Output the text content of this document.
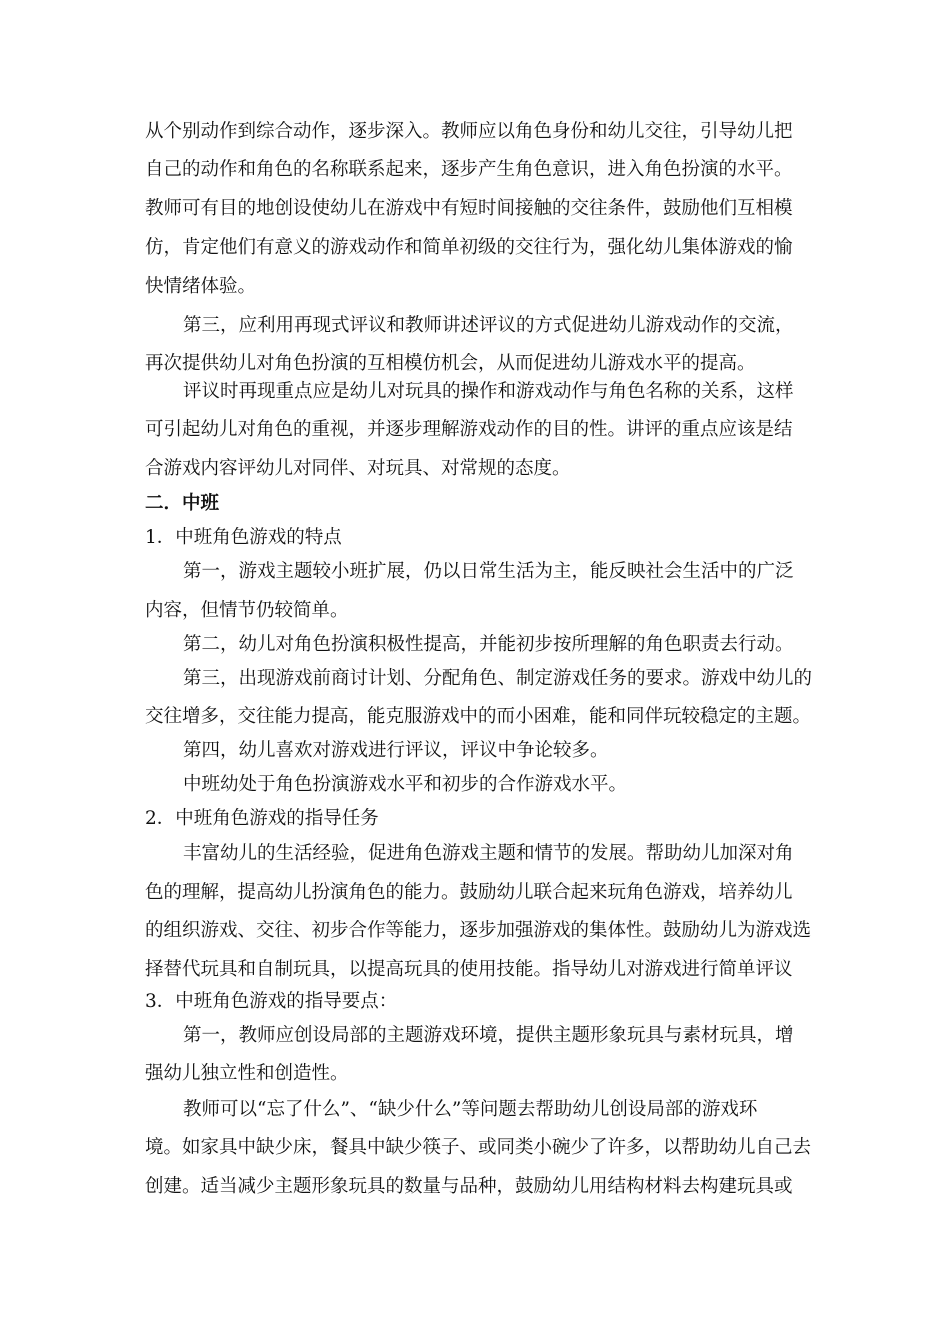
从个别动作到综合动作，逐步深入。教师应以角色身份和幼儿交往，引导幼儿把
自己的动作和角色的名称联系起来，逐步产生角色意识，进入角色扮演的水平。
教师可有目的地创设使幼儿在游戏中有短时间接触的交往条件，鼓励他们互相模
仿，肯定他们有意义的游戏动作和简单初级的交往行为，强化幼儿集体游戏的愉
快情绪体验。
第三，应利用再现式评议和教师讲述评议的方式促进幼儿游戏动作的交流，
再次提供幼儿对角色扮演的互相模仿机会，从而促进幼儿游戏水平的提高。
评议时再现重点应是幼儿对玩具的操作和游戏动作与角色名称的关系，这样
可引起幼儿对角色的重视，并逐步理解游戏动作的目的性。讲评的重点应该是结
合游戏内容评幼儿对同伴、对玩具、对常规的态度。
二．中班
1．中班角色游戏的特点
第一，游戏主题较小班扩展，仍以日常生活为主，能反映社会生活中的广泛
内容，但情节仍较简单。
第二，幼儿对角色扮演积极性提高，并能初步按所理解的角色职责去行动。
第三，出现游戏前商讨计划、分配角色、制定游戏任务的要求。游戏中幼儿的
交往增多，交往能力提高，能克服游戏中的而小困难，能和同伴玩较稳定的主题。
第四，幼儿喜欢对游戏进行评议，评议中争论较多。
中班幼处于角色扮演游戏水平和初步的合作游戏水平。
2．中班角色游戏的指导任务
丰富幼儿的生活经验，促进角色游戏主题和情节的发展。帮助幼儿加深对角
色的理解，提高幼儿扮演角色的能力。鼓励幼儿联合起来玩角色游戏，培养幼儿
的组织游戏、交往、初步合作等能力，逐步加强游戏的集体性。鼓励幼儿为游戏选
择替代玩具和自制玩具，以提高玩具的使用技能。指导幼儿对游戏进行简单评议
3．中班角色游戏的指导要点：
第一，教师应创设局部的主题游戏环境，提供主题形象玩具与素材玩具，增
强幼儿独立性和创造性。
教师可以“忘了什么”、“缺少什么”等问题去帮助幼儿创设局部的游戏环
境。如家具中缺少床，餐具中缺少筷子、或同类小碗少了许多，以帮助幼儿自己去
创建。适当减少主题形象玩具的数量与品种，鼓励幼儿用结构材料去构建玩具或
